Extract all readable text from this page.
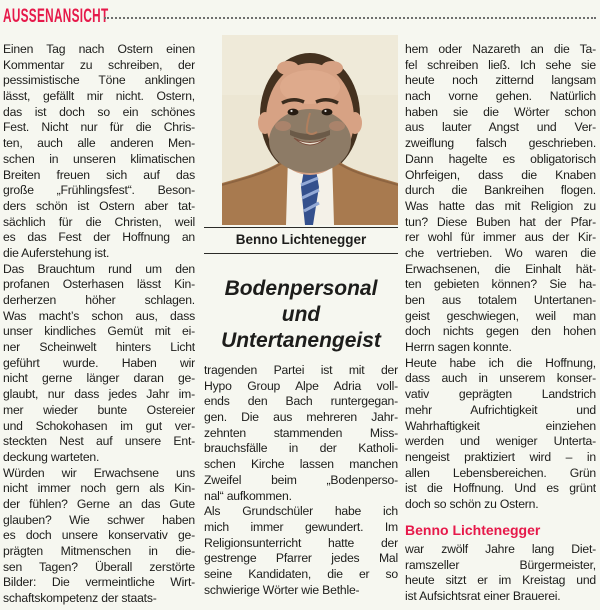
AUSSENANSICHT
Einen Tag nach Ostern einen
Kommentar zu schreiben, der
pessimistische Töne anklingen
lässt, gefällt mir nicht. Ostern,
das ist doch so ein schönes
Fest. Nicht nur für die Chris-
ten, auch alle anderen Men-
schen in unseren klimatischen
Breiten freuen sich auf das
große „Frühlingsfest“. Beson-
ders schön ist Ostern aber tat-
sächlich für die Christen, weil
es das Fest der Hoffnung an
die Auferstehung ist.
Das Brauchtum rund um den
profanen Osterhasen lässt Kin-
derherzen höher schlagen.
Was macht’s schon aus, dass
unser kindliches Gemüt mit ei-
ner Scheinwelt hinters Licht
geführt wurde. Haben wir
nicht gerne länger daran ge-
glaubt, nur dass jedes Jahr im-
mer wieder bunte Ostereier
und Schokohasen im gut ver-
steckten Nest auf unsere Ent-
deckung warteten.
Würden wir Erwachsene uns
nicht immer noch gern als Kin-
der fühlen? Gerne an das Gute
glauben? Wie schwer haben
es doch unsere konservativ ge-
prägten Mitmenschen in die-
sen Tagen? Überall zerstörte
Bilder: Die vermeintliche Wirt-
schaftskompetenz der staats-
Benno Lichtenegger
Bodenpersonal
und
Untertanengeist
tragenden Partei ist mit der
Hypo Group Alpe Adria voll-
ends den Bach runtergegan-
gen. Die aus mehreren Jahr-
zehnten stammenden Miss-
brauchsfälle in der Katholi-
schen Kirche lassen manchen
Zweifel beim „Bodenperso-
nal“ aufkommen.
Als Grundschüler habe ich
mich immer gewundert. Im
Religionsunterricht hatte der
gestrenge Pfarrer jedes Mal
seine Kandidaten, die er so
schwierige Wörter wie Bethle-
hem oder Nazareth an die Ta-
fel schreiben ließ. Ich sehe sie
heute noch zitternd langsam
nach vorne gehen. Natürlich
haben sie die Wörter schon
aus lauter Angst und Ver-
zweiflung falsch geschrieben.
Dann hagelte es obligatorisch
Ohrfeigen, dass die Knaben
durch die Bankreihen flogen.
Was hatte das mit Religion zu
tun? Diese Buben hat der Pfar-
rer wohl für immer aus der Kir-
che vertrieben. Wo waren die
Erwachsenen, die Einhalt hät-
ten gebieten können? Sie ha-
ben aus totalem Untertanen-
geist geschwiegen, weil man
doch nichts gegen den hohen
Herrn sagen konnte.
Heute habe ich die Hoffnung,
dass auch in unserem konser-
vativ geprägten Landstrich
mehr Aufrichtigkeit und
Wahrhaftigkeit einziehen
werden und weniger Unterta-
nengeist praktiziert wird – in
allen Lebensbereichen. Grün
ist die Hoffnung. Und es grünt
doch so schön zu Ostern.
Benno Lichtenegger
war zwölf Jahre lang Diet-
ramszeller Bürgermeister,
heute sitzt er im Kreistag und
ist Aufsichtsrat einer Brauerei.
